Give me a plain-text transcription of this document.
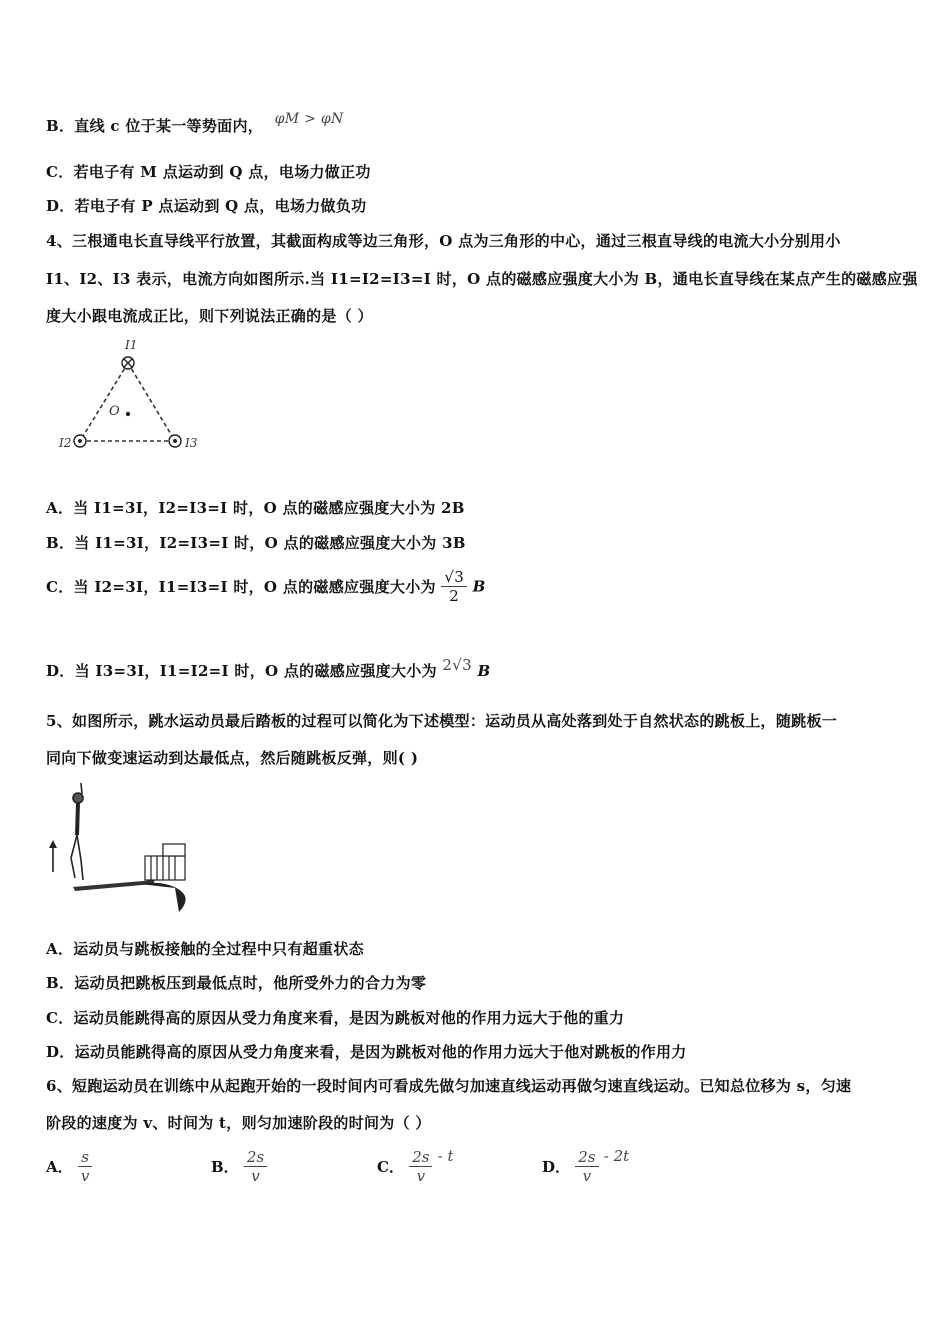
B．直线 c 位于某一等势面内， φM > φN
C．若电子有 M 点运动到 Q 点，电场力做正功
D．若电子有 P 点运动到 Q 点，电场力做负功
4、三根通电长直导线平行放置，其截面构成等边三角形，O 点为三角形的中心，通过三根直导线的电流大小分别用小
I1、I2、I3 表示，电流方向如图所示.当 I1=I2=I3=I 时，O 点的磁感应强度大小为 B，通电长直导线在某点产生的磁感应强
度大小跟电流成正比，则下列说法正确的是（ ）
I1
I2	I3
O
A．当 I1=3I，I2=I3=I 时，O 点的磁感应强度大小为 2B
B．当 I1=3I，I2=I3=I 时，O 点的磁感应强度大小为 3B
C．当 I2=3I，I1=I3=I 时，O 点的磁感应强度大小为 $\frac{√3}{2}$ B
D．当 I3=3I，I1=I2=I 时，O 点的磁感应强度大小为 2√3 B
5、如图所示，跳水运动员最后踏板的过程可以简化为下述模型：运动员从高处落到处于自然状态的跳板上，随跳板一
同向下做变速运动到达最低点，然后随跳板反弹，则( )
A．运动员与跳板接触的全过程中只有超重状态
B．运动员把跳板压到最低点时，他所受外力的合力为零
C．运动员能跳得高的原因从受力角度来看，是因为跳板对他的作用力远大于他的重力
D．运动员能跳得高的原因从受力角度来看，是因为跳板对他的作用力远大于他对跳板的作用力
6、短跑运动员在训练中从起跑开始的一段时间内可看成先做匀加速直线运动再做匀速直线运动。已知总位移为 s，匀速
阶段的速度为 v、时间为 t，则匀加速阶段的时间为（ ）
A． $\frac{s}{v}$	B． $\frac{2s}{v}$	C． $\frac{2s}{v}$ - t
D． $\frac{2s}{v} - 2t$
